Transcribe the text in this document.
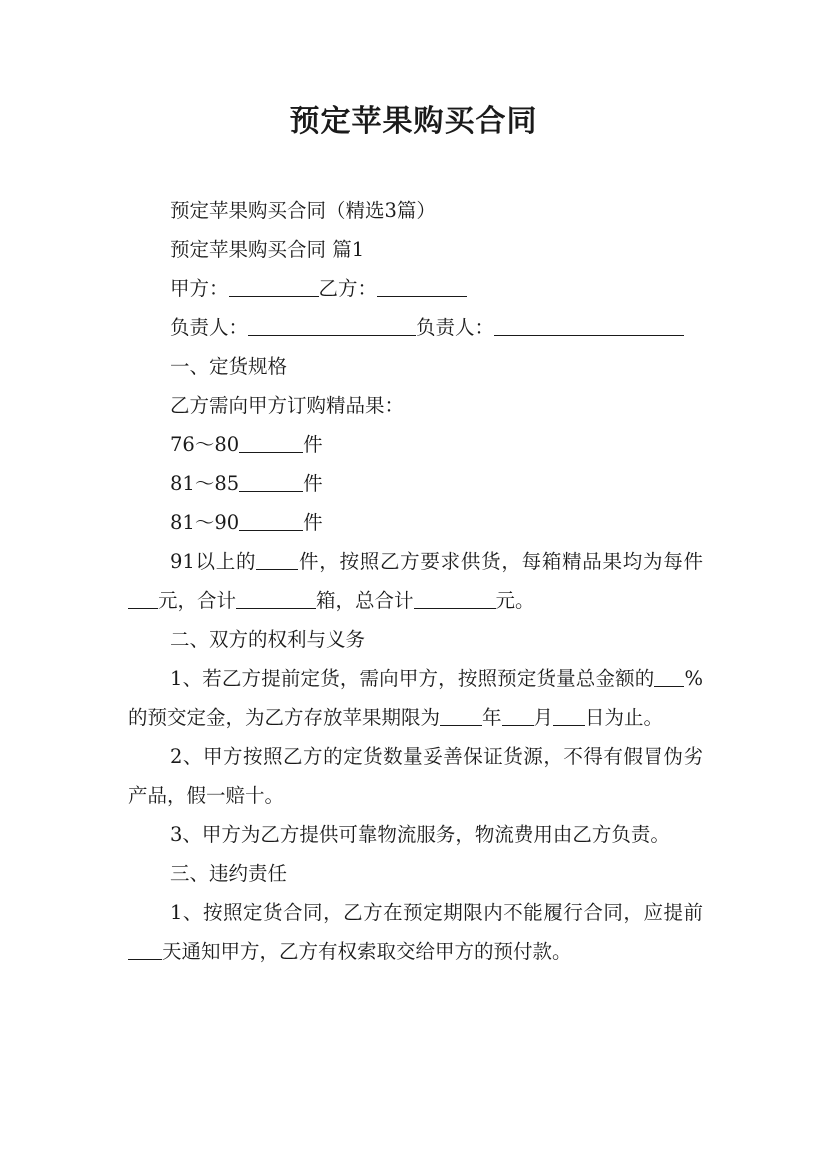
预定苹果购买合同

预定苹果购买合同（精选3篇）

预定苹果购买合同 篇1

甲方：	乙方：

负责人：	负责人：

一、定货规格

乙方需向甲方订购精品果：

76～80	件

81～85	件

81～90	件

91以上的 件，按照乙方要求供货，每箱精品果均为每件元，合计	箱，总合计	元。

二、双方的权利与义务

1、若乙方提前定货，需向甲方，按照预定货量总金额的 %的预交定金，为乙方存放苹果期限为 年 月 日为止。

2、甲方按照乙方的定货数量妥善保证货源，不得有假冒伪劣产品，假一赔十。

3、甲方为乙方提供可靠物流服务，物流费用由乙方负责。

三、违约责任

1、按照定货合同，乙方在预定期限内不能履行合同，应提前天通知甲方，乙方有权索取交给甲方的预付款。
